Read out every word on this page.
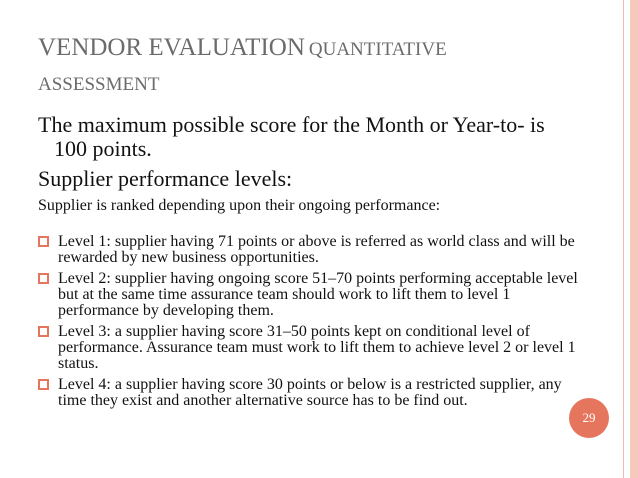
VENDOR EVALUATION QUANTITATIVE
ASSESSMENT
The maximum possible score for the Month or Year-to- is 100 points.
Supplier performance levels:
Supplier is ranked depending upon their ongoing performance:
Level 1: supplier having 71 points or above is referred as world class and will be rewarded by new business opportunities.
Level 2: supplier having ongoing score 51–70 points performing acceptable level but at the same time assurance team should work to lift them to level 1 performance by developing them.
Level 3: a supplier having score 31–50 points kept on conditional level of performance. Assurance team must work to lift them to achieve level 2 or level 1 status.
Level 4: a supplier having score 30 points or below is a restricted supplier, any time they exist and another alternative source has to be find out.
29
